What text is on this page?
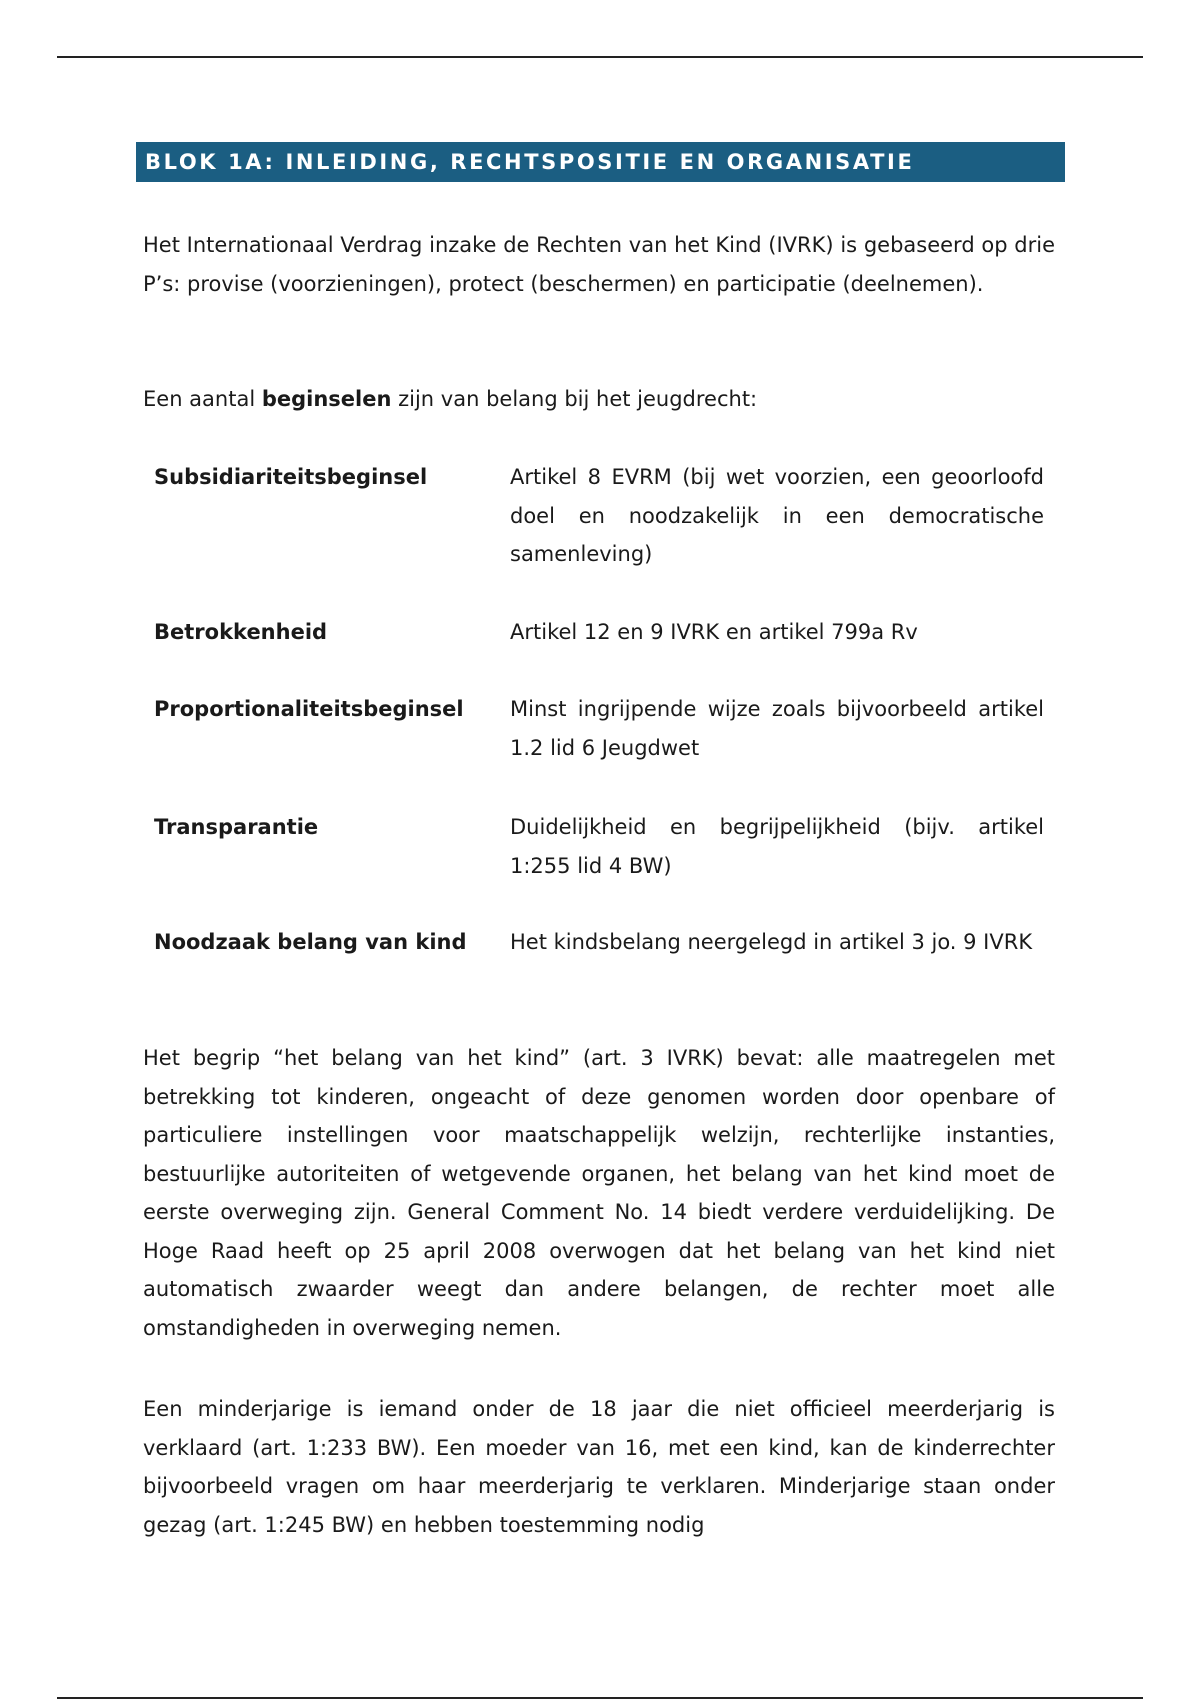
BLOK 1A: INLEIDING, RECHTSPOSITIE EN ORGANISATIE

Het Internationaal Verdrag inzake de Rechten van het Kind (IVRK) is gebaseerd op drie P’s: provise (voorzieningen), protect (beschermen) en participatie (deelnemen).

Een aantal beginselen zijn van belang bij het jeugdrecht:

Subsidiariteitsbeginsel	Artikel 8 EVRM (bij wet voorzien, een geoorloofd doel en noodzakelijk in een democratische samenleving)

Betrokkenheid	Artikel 12 en 9 IVRK en artikel 799a Rv

Proportionaliteitsbeginsel	Minst ingrijpende wijze zoals bijvoorbeeld artikel 1.2 lid 6 Jeugdwet

Transparantie	Duidelijkheid en begrijpelijkheid (bijv. artikel 1:255 lid 4 BW)

Noodzaak belang van kind	Het kindsbelang neergelegd in artikel 3 jo. 9 IVRK

Het begrip “het belang van het kind” (art. 3 IVRK) bevat: alle maatregelen met betrekking tot kinderen, ongeacht of deze genomen worden door openbare of particuliere instellingen voor maatschappelijk welzijn, rechterlijke instanties, bestuurlijke autoriteiten of wetgevende organen, het belang van het kind moet de eerste overweging zijn. General Comment No. 14 biedt verdere verduidelijking. De Hoge Raad heeft op 25 april 2008 overwogen dat het belang van het kind niet automatisch zwaarder weegt dan andere belangen, de rechter moet alle omstandigheden in overweging nemen.

Een minderjarige is iemand onder de 18 jaar die niet officieel meerderjarig is verklaard (art. 1:233 BW). Een moeder van 16, met een kind, kan de kinderrechter bijvoorbeeld vragen om haar meerderjarig te verklaren. Minderjarige staan onder gezag (art. 1:245 BW) en hebben toestemming nodig
